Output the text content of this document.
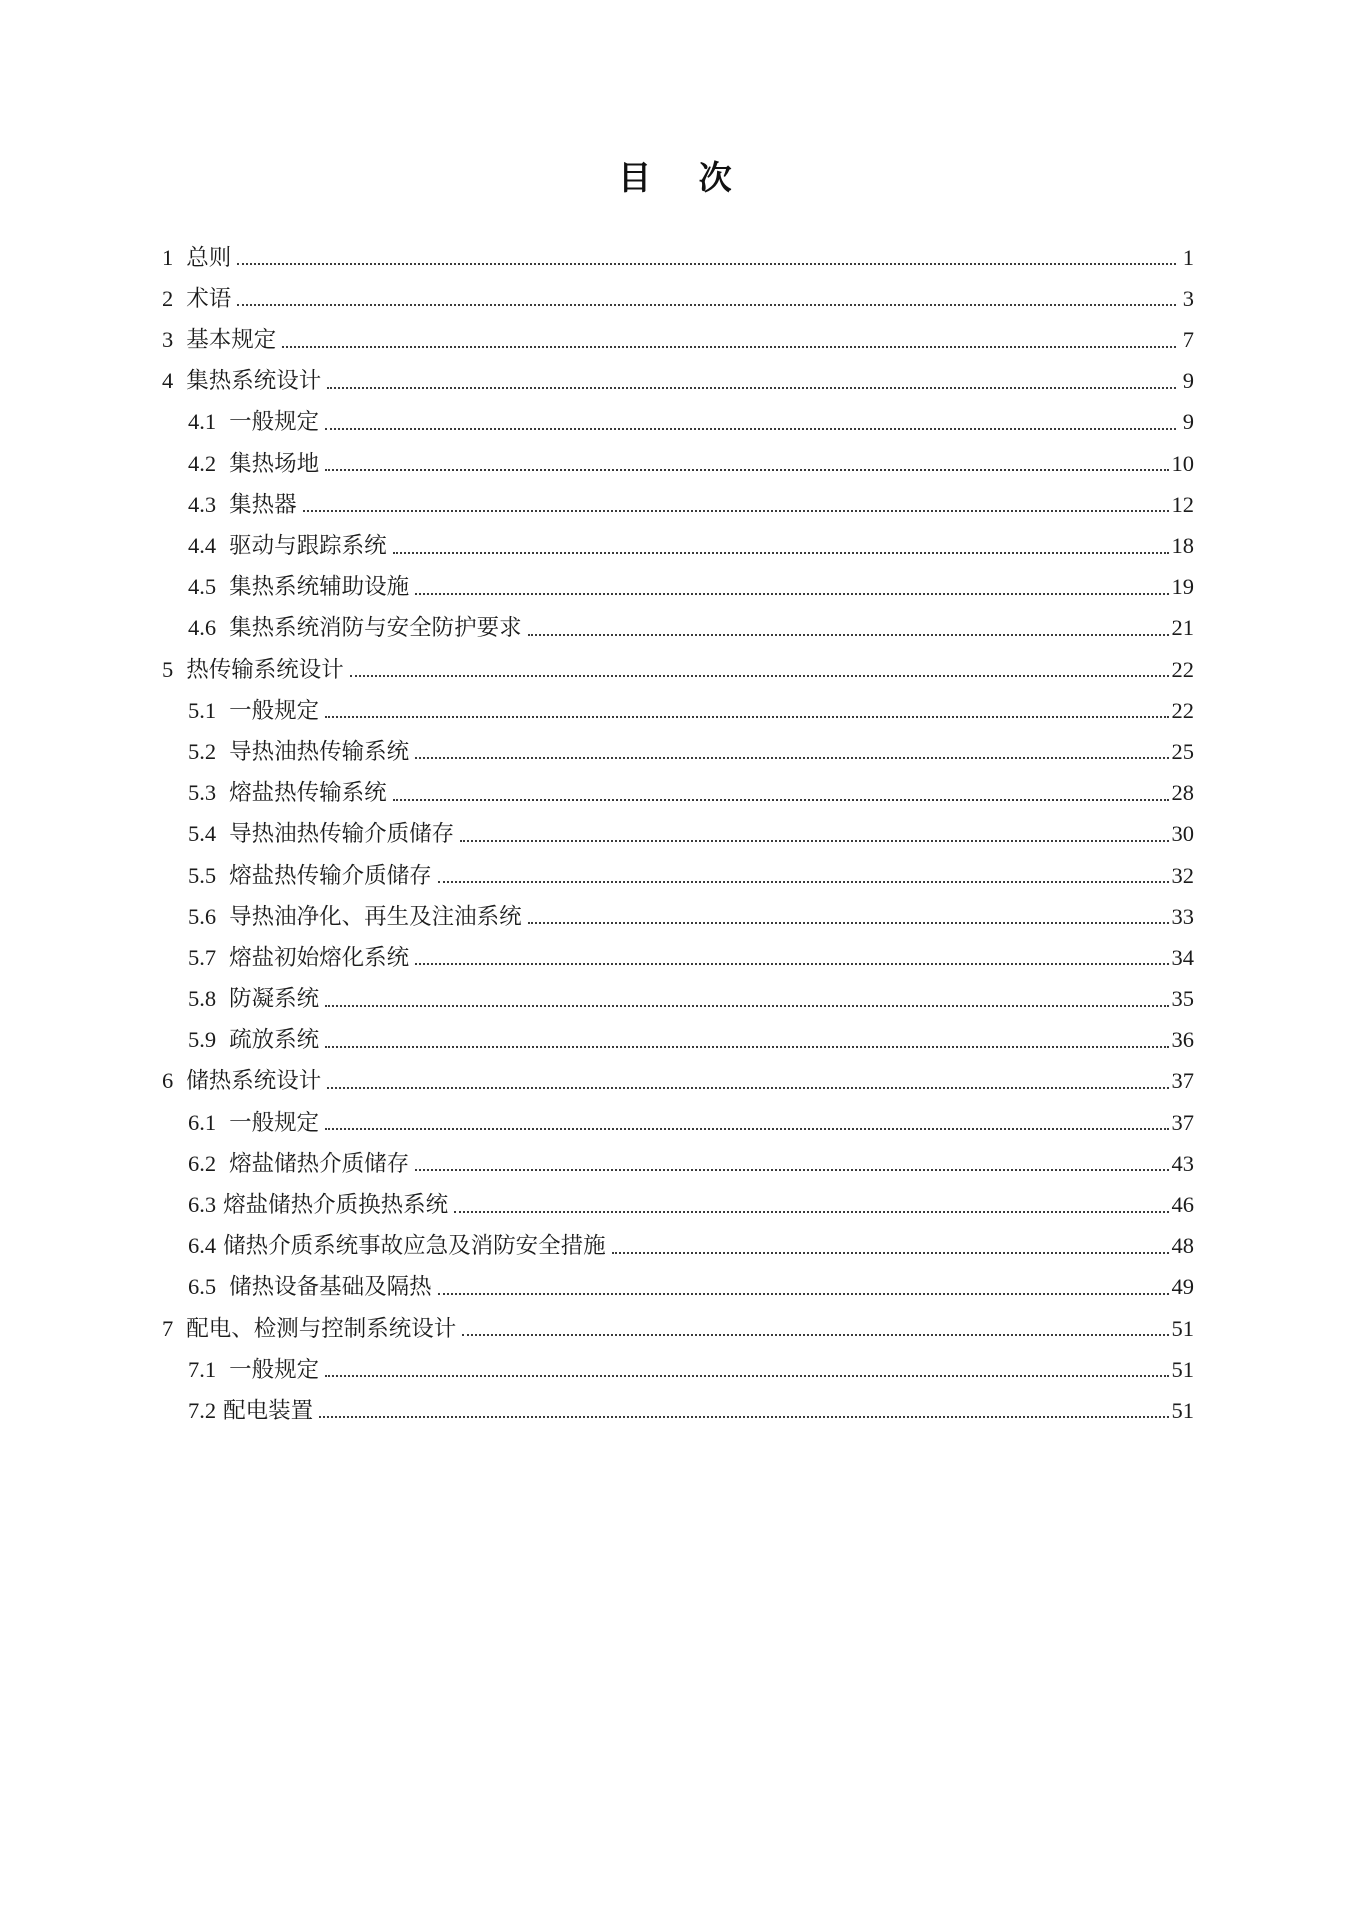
目　次
1 总则	1
2 术语	3
3 基本规定	7
4 集热系统设计	9
4.1 一般规定	9
4.2 集热场地	10
4.3 集热器	12
4.4 驱动与跟踪系统	18
4.5 集热系统辅助设施	19
4.6 集热系统消防与安全防护要求	21
5 热传输系统设计	22
5.1 一般规定	22
5.2 导热油热传输系统	25
5.3 熔盐热传输系统	28
5.4 导热油热传输介质储存	30
5.5 熔盐热传输介质储存	32
5.6 导热油净化、再生及注油系统	33
5.7 熔盐初始熔化系统	34
5.8 防凝系统	35
5.9 疏放系统	36
6 储热系统设计	37
6.1 一般规定	37
6.2 熔盐储热介质储存	43
6.3 熔盐储热介质换热系统	46
6.4 储热介质系统事故应急及消防安全措施	48
6.5 储热设备基础及隔热	49
7 配电、检测与控制系统设计	51
7.1 一般规定	51
7.2 配电装置	51
